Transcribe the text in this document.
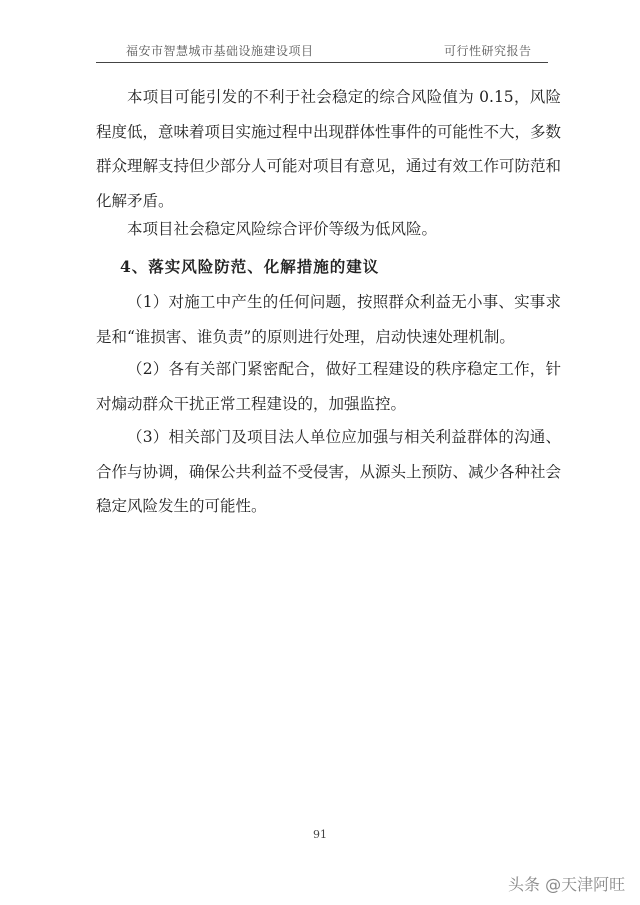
福安市智慧城市基础设施建设项目	可行性研究报告
本项目可能引发的不利于社会稳定的综合风险值为 0.15，风险程度低，意味着项目实施过程中出现群体性事件的可能性不大，多数群众理解支持但少部分人可能对项目有意见，通过有效工作可防范和化解矛盾。
本项目社会稳定风险综合评价等级为低风险。
4、落实风险防范、化解措施的建议
（1）对施工中产生的任何问题，按照群众利益无小事、实事求是和“谁损害、谁负责”的原则进行处理，启动快速处理机制。
（2）各有关部门紧密配合，做好工程建设的秩序稳定工作，针对煽动群众干扰正常工程建设的，加强监控。
（3）相关部门及项目法人单位应加强与相关利益群体的沟通、合作与协调，确保公共利益不受侵害，从源头上预防、减少各种社会稳定风险发生的可能性。
91
头条 @天津阿旺
